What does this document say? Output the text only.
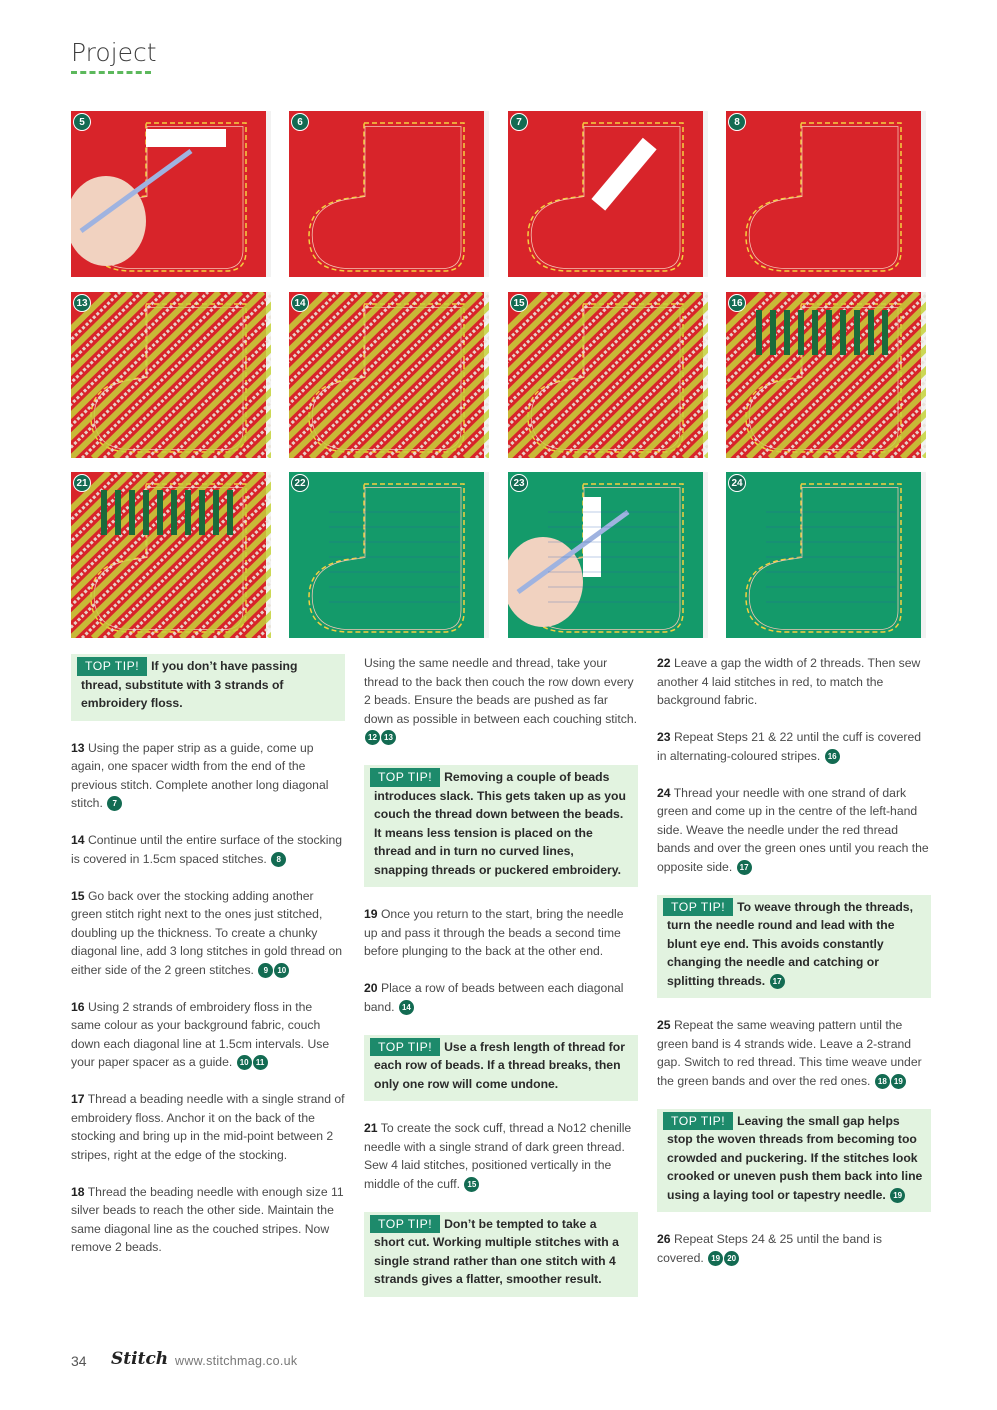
Project
5	6	7	8
13	14	15	16
21	22	23	24
TOP TIP! If you don’t have passing thread, substitute with 3 strands of embroidery floss.
13 Using the paper strip as a guide, come up again, one spacer width from the end of the previous stitch. Complete another long diagonal stitch. 7
14 Continue until the entire surface of the stocking is covered in 1.5cm spaced stitches. 8
15 Go back over the stocking adding another green stitch right next to the ones just stitched, doubling up the thickness. To create a chunky diagonal line, add 3 long stitches in gold thread on either side of the 2 green stitches. 9 10
16 Using 2 strands of embroidery floss in the same colour as your background fabric, couch down each diagonal line at 1.5cm intervals. Use your paper spacer as a guide. 10 11
17 Thread a beading needle with a single strand of embroidery floss. Anchor it on the back of the stocking and bring up in the mid-point between 2 stripes, right at the edge of the stocking.
18 Thread the beading needle with enough size 11 silver beads to reach the other side. Maintain the same diagonal line as the couched stripes. Now remove 2 beads.
Using the same needle and thread, take your thread to the back then couch the row down every 2 beads. Ensure the beads are pushed as far down as possible in between each couching stitch. 12 13
TOP TIP! Removing a couple of beads introduces slack. This gets taken up as you couch the thread down between the beads. It means less tension is placed on the thread and in turn no curved lines, snapping threads or puckered embroidery.
19 Once you return to the start, bring the needle up and pass it through the beads a second time before plunging to the back at the other end.
20 Place a row of beads between each diagonal band. 14
TOP TIP! Use a fresh length of thread for each row of beads. If a thread breaks, then only one row will come undone.
21 To create the sock cuff, thread a No12 chenille needle with a single strand of dark green thread. Sew 4 laid stitches, positioned vertically in the middle of the cuff. 15
TOP TIP! Don’t be tempted to take a short cut. Working multiple stitches with a single strand rather than one stitch with 4 strands gives a flatter, smoother result.
22 Leave a gap the width of 2 threads. Then sew another 4 laid stitches in red, to match the background fabric.
23 Repeat Steps 21 & 22 until the cuff is covered in alternating-coloured stripes. 16
24 Thread your needle with one strand of dark green and come up in the centre of the left-hand side. Weave the needle under the red thread bands and over the green ones until you reach the opposite side. 17
TOP TIP! To weave through the threads, turn the needle round and lead with the blunt eye end. This avoids constantly changing the needle and catching or splitting threads. 17
25 Repeat the same weaving pattern until the green band is 4 strands wide. Leave a 2-strand gap. Switch to red thread. This time weave under the green bands and over the red ones. 18 19
TOP TIP! Leaving the small gap helps stop the woven threads from becoming too crowded and puckering. If the stitches look crooked or uneven push them back into line using a laying tool or tapestry needle. 19
26 Repeat Steps 24 & 25 until the band is covered. 19 20
34 Stitch www.stitchmag.co.uk
